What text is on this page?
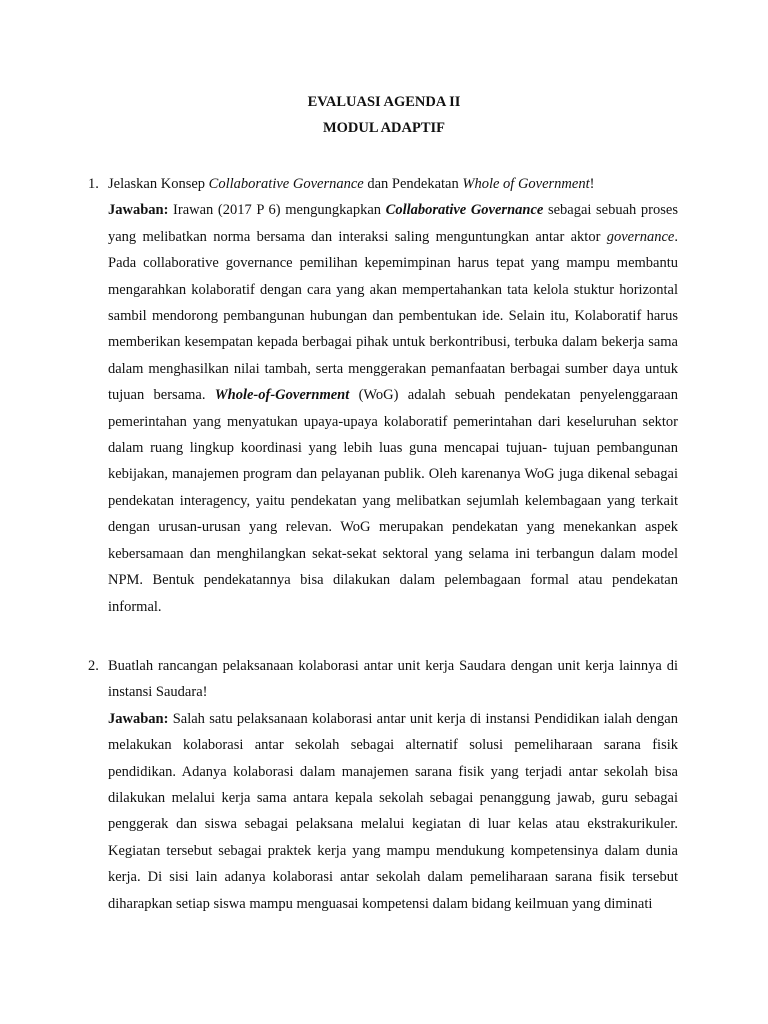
EVALUASI AGENDA II
MODUL ADAPTIF
1. Jelaskan Konsep Collaborative Governance dan Pendekatan Whole of Government!

Jawaban: Irawan (2017 P 6) mengungkapkan Collaborative Governance sebagai sebuah proses yang melibatkan norma bersama dan interaksi saling menguntungkan antar aktor governance. Pada collaborative governance pemilihan kepemimpinan harus tepat yang mampu membantu mengarahkan kolaboratif dengan cara yang akan mempertahankan tata kelola stuktur horizontal sambil mendorong pembangunan hubungan dan pembentukan ide. Selain itu, Kolaboratif harus memberikan kesempatan kepada berbagai pihak untuk berkontribusi, terbuka dalam bekerja sama dalam menghasilkan nilai tambah, serta menggerakan pemanfaatan berbagai sumber daya untuk tujuan bersama. Whole-of-Government (WoG) adalah sebuah pendekatan penyelenggaraan pemerintahan yang menyatukan upaya-upaya kolaboratif pemerintahan dari keseluruhan sektor dalam ruang lingkup koordinasi yang lebih luas guna mencapai tujuan- tujuan pembangunan kebijakan, manajemen program dan pelayanan publik. Oleh karenanya WoG juga dikenal sebagai pendekatan interagency, yaitu pendekatan yang melibatkan sejumlah kelembagaan yang terkait dengan urusan-urusan yang relevan. WoG merupakan pendekatan yang menekankan aspek kebersamaan dan menghilangkan sekat-sekat sektoral yang selama ini terbangun dalam model NPM. Bentuk pendekatannya bisa dilakukan dalam pelembagaan formal atau pendekatan informal.

2. Buatlah rancangan pelaksanaan kolaborasi antar unit kerja Saudara dengan unit kerja lainnya di instansi Saudara!

Jawaban: Salah satu pelaksanaan kolaborasi antar unit kerja di instansi Pendidikan ialah dengan melakukan kolaborasi antar sekolah sebagai alternatif solusi pemeliharaan sarana fisik pendidikan. Adanya kolaborasi dalam manajemen sarana fisik yang terjadi antar sekolah bisa dilakukan melalui kerja sama antara kepala sekolah sebagai penanggung jawab, guru sebagai penggerak dan siswa sebagai pelaksana melalui kegiatan di luar kelas atau ekstrakurikuler. Kegiatan tersebut sebagai praktek kerja yang mampu mendukung kompetensinya dalam dunia kerja. Di sisi lain adanya kolaborasi antar sekolah dalam pemeliharaan sarana fisik tersebut diharapkan setiap siswa mampu menguasai kompetensi dalam bidang keilmuan yang diminati
